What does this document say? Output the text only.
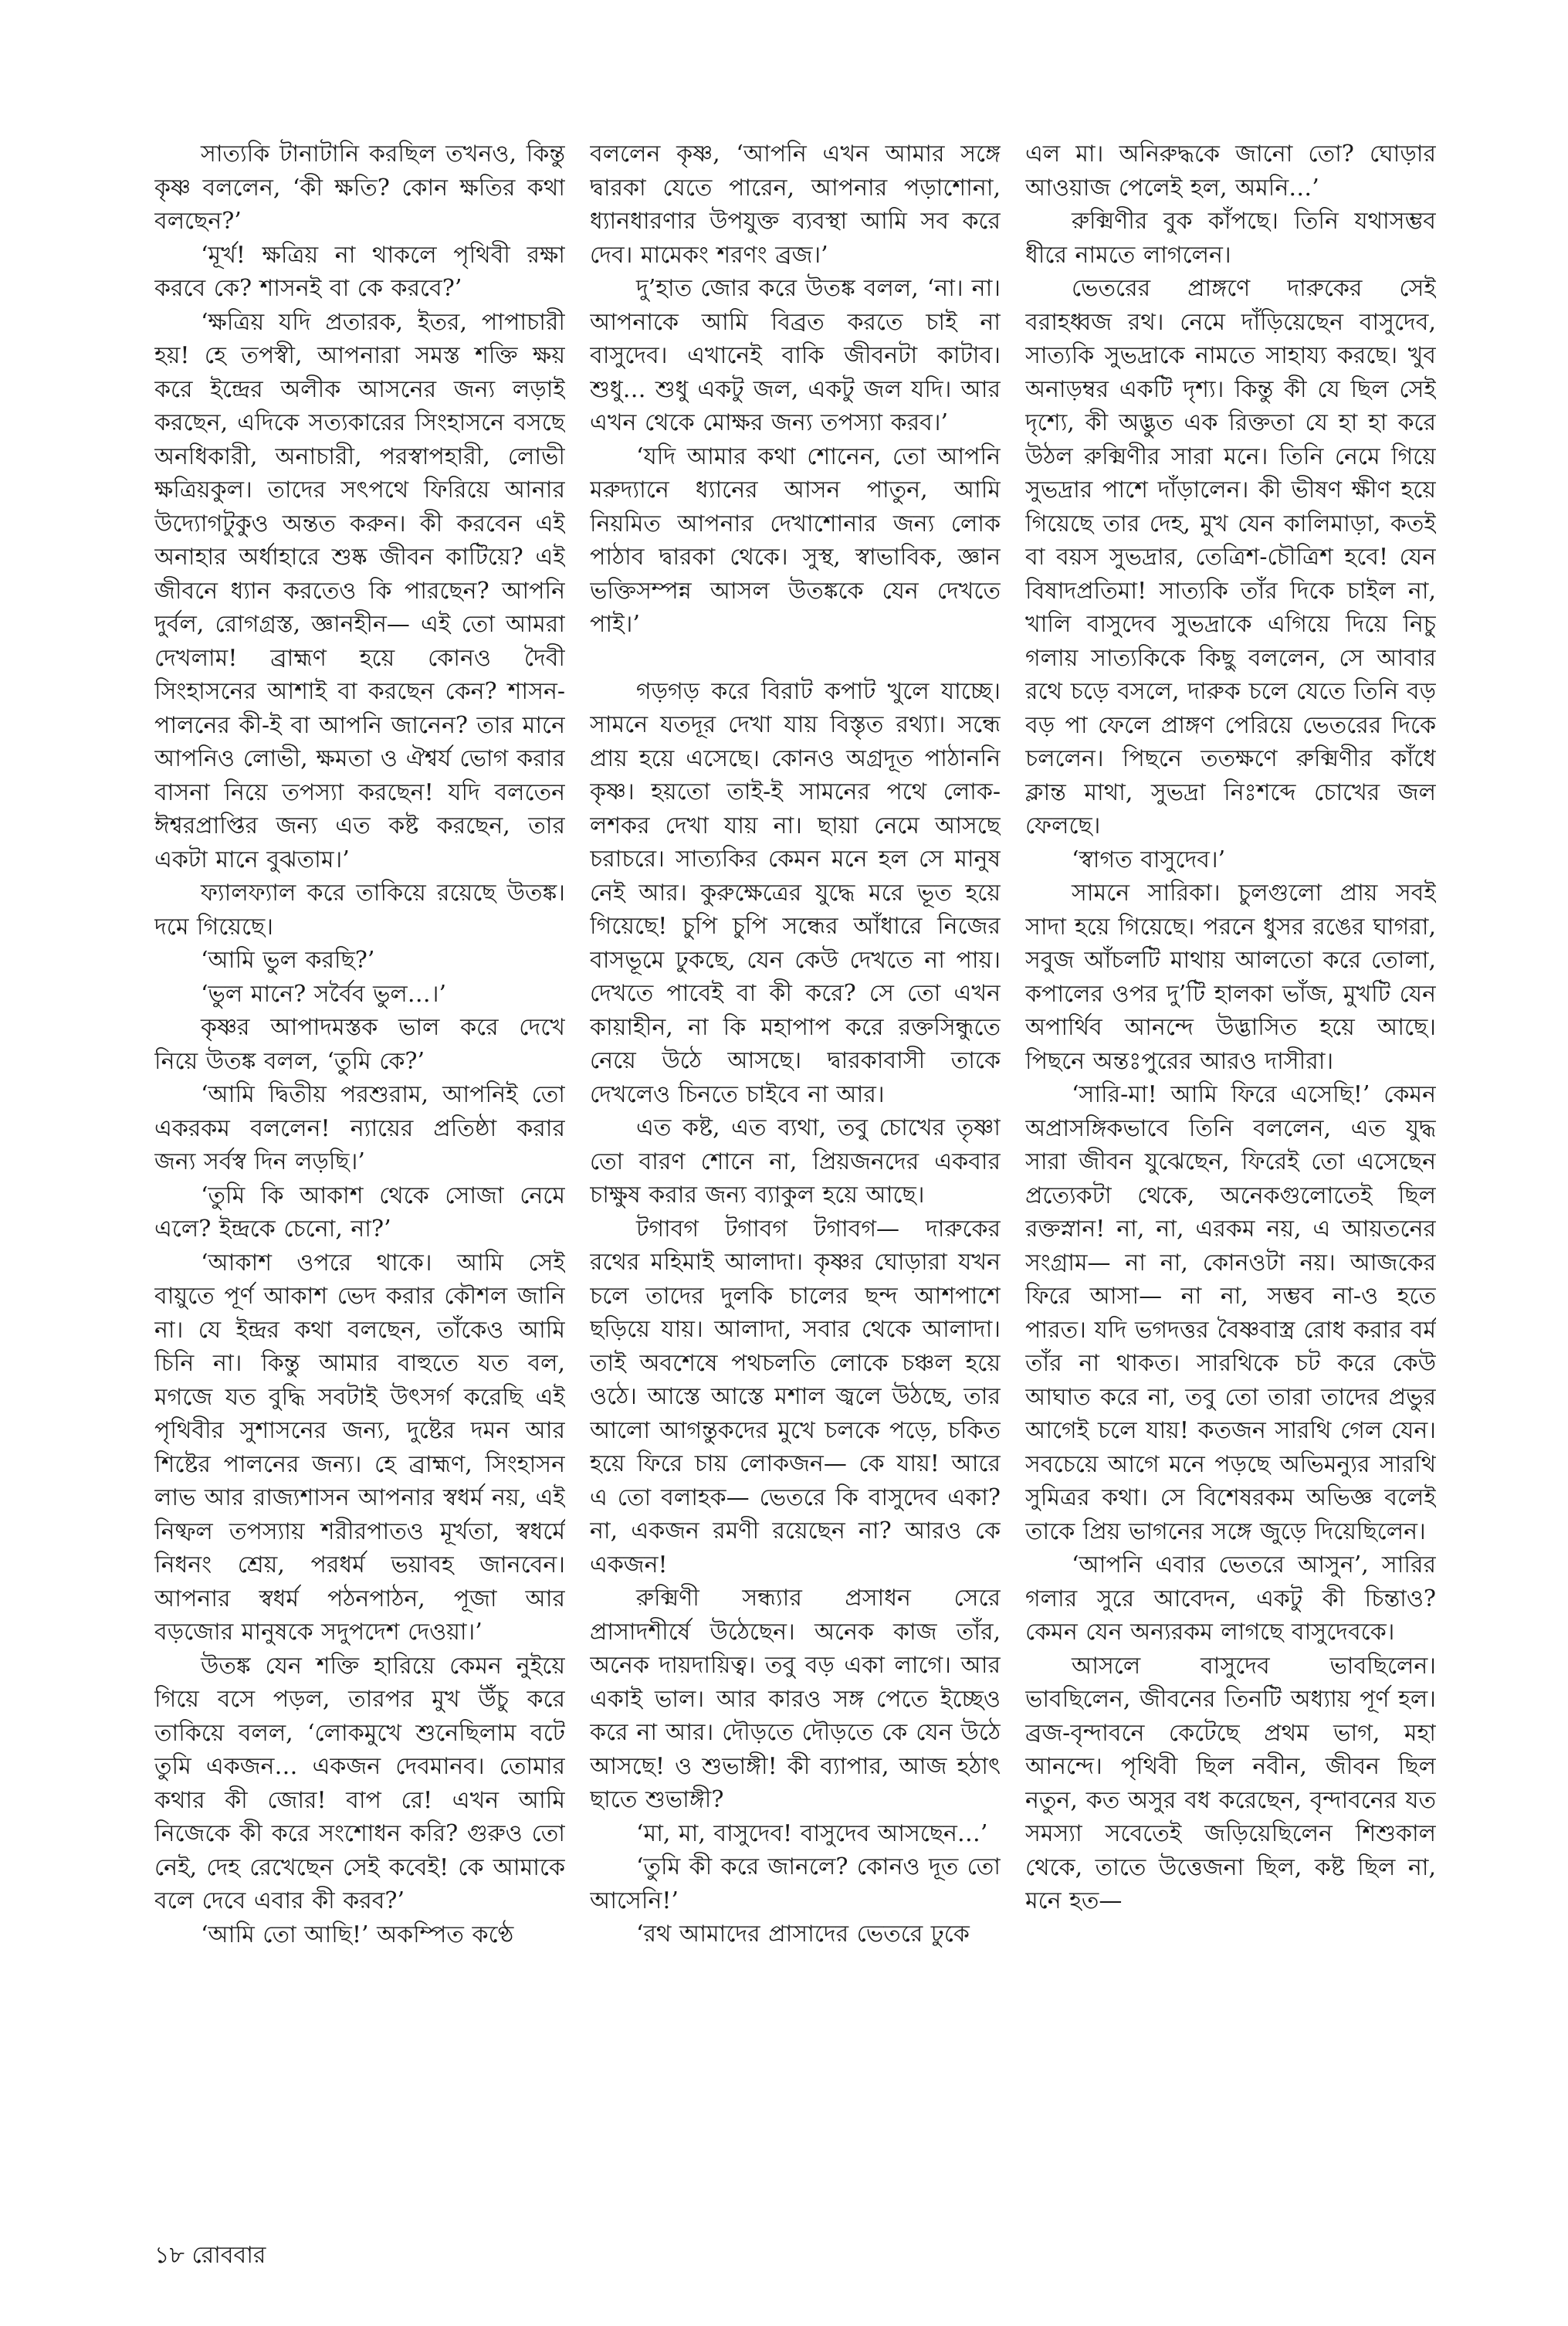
সাত্যকি টানাটানি করছিল তখনও, কিন্তু কৃষ্ণ বললেন, ‘কী ক্ষতি? কোন ক্ষতির কথা বলছেন?’

‘মূর্খ! ক্ষত্রিয় না থাকলে পৃথিবী রক্ষা করবে কে? শাসনই বা কে করবে?’

‘ক্ষত্রিয় যদি প্রতারক, ইতর, পাপাচারী হয়! হে তপস্বী, আপনারা সমস্ত শক্তি ক্ষয় করে ইন্দ্রের অলীক আসনের জন্য লড়াই করছেন, এদিকে সত্যকারের সিংহাসনে বসছে অনধিকারী, অনাচারী, পরস্বাপহারী, লোভী ক্ষত্রিয়কুল। তাদের সৎপথে ফিরিয়ে আনার উদ্যোগটুকুও অন্তত করুন। কী করবেন এই অনাহার অর্ধাহারে শুষ্ক জীবন কাটিয়ে? এই জীবনে ধ্যান করতেও কি পারছেন? আপনি দুর্বল, রোগগ্রস্ত, জ্ঞানহীন— এই তো আমরা দেখলাম! ব্রাহ্মণ হয়ে কোনও দৈবী সিংহাসনের আশাই বা করছেন কেন? শাসন-পালনের কী-ই বা আপনি জানেন? তার মানে আপনিও লোভী, ক্ষমতা ও ঐশ্বর্য ভোগ করার বাসনা নিয়ে তপস্যা করছেন! যদি বলতেন ঈশ্বরপ্রাপ্তির জন্য এত কষ্ট করছেন, তার একটা মানে বুঝতাম।’

ফ্যালফ্যাল করে তাকিয়ে রয়েছে উতঙ্ক। দমে গিয়েছে।

‘আমি ভুল করছি?’

‘ভুল মানে? সর্বৈব ভুল…।’

কৃষ্ণর আপাদমস্তক ভাল করে দেখে নিয়ে উতঙ্ক বলল, ‘তুমি কে?’

‘আমি দ্বিতীয় পরশুরাম, আপনিই তো একরকম বললেন! ন্যায়ের প্রতিষ্ঠা করার জন্য সর্বস্ব দিন লড়ছি।’

‘তুমি কি আকাশ থেকে সোজা নেমে এলে? ইন্দ্রকে চেনো, না?’

‘আকাশ ওপরে থাকে। আমি সেই বায়ুতে পূর্ণ আকাশ ভেদ করার কৌশল জানি না। যে ইন্দ্রর কথা বলছেন, তাঁকেও আমি চিনি না। কিন্তু আমার বাহুতে যত বল, মগজে যত বুদ্ধি সবটাই উৎসর্গ করেছি এই পৃথিবীর সুশাসনের জন্য, দুষ্টের দমন আর শিষ্টের পালনের জন্য। হে ব্রাহ্মণ, সিংহাসন লাভ আর রাজ্যশাসন আপনার স্বধর্ম নয়, এই নিষ্ফল তপস্যায় শরীরপাতও মূর্খতা, স্বধর্মে নিধনং শ্রেয়, পরধর্ম ভয়াবহ জানবেন। আপনার স্বধর্ম পঠনপাঠন, পূজা আর বড়জোর মানুষকে সদুপদেশ দেওয়া।’

উতঙ্ক যেন শক্তি হারিয়ে কেমন নুইয়ে গিয়ে বসে পড়ল, তারপর মুখ উঁচু করে তাকিয়ে বলল, ‘লোকমুখে শুনেছিলাম বটে তুমি একজন… একজন দেবমানব। তোমার কথার কী জোর! বাপ রে! এখন আমি নিজেকে কী করে সংশোধন করি? গুরুও তো নেই, দেহ রেখেছেন সেই কবেই! কে আমাকে বলে দেবে এবার কী করব?’

‘আমি তো আছি!’ অকম্পিত কণ্ঠে

বললেন কৃষ্ণ, ‘আপনি এখন আমার সঙ্গে দ্বারকা যেতে পারেন, আপনার পড়াশোনা, ধ্যানধারণার উপযুক্ত ব্যবস্থা আমি সব করে দেব। মামেকং শরণং ব্রজ।’

দু’হাত জোর করে উতঙ্ক বলল, ‘না। না। আপনাকে আমি বিব্রত করতে চাই না বাসুদেব। এখানেই বাকি জীবনটা কাটাব। শুধু… শুধু একটু জল, একটু জল যদি। আর এখন থেকে মোক্ষর জন্য তপস্যা করব।’

‘যদি আমার কথা শোনেন, তো আপনি মরুদ্যানে ধ্যানের আসন পাতুন, আমি নিয়মিত আপনার দেখাশোনার জন্য লোক পাঠাব দ্বারকা থেকে। সুস্থ, স্বাভাবিক, জ্ঞান ভক্তিসম্পন্ন আসল উতঙ্ককে যেন দেখতে পাই।’

গড়গড় করে বিরাট কপাট খুলে যাচ্ছে। সামনে যতদূর দেখা যায় বিস্তৃত রথ্যা। সন্ধে প্রায় হয়ে এসেছে। কোনও অগ্রদূত পাঠাননি কৃষ্ণ। হয়তো তাই-ই সামনের পথে লোক-লশকর দেখা যায় না। ছায়া নেমে আসছে চরাচরে। সাত্যকির কেমন মনে হল সে মানুষ নেই আর। কুরুক্ষেত্রের যুদ্ধে মরে ভূত হয়ে গিয়েছে! চুপি চুপি সন্ধের আঁধারে নিজের বাসভূমে ঢুকছে, যেন কেউ দেখতে না পায়। দেখতে পাবেই বা কী করে? সে তো এখন কায়াহীন, না কি মহাপাপ করে রক্তসিন্ধুতে নেয়ে উঠে আসছে। দ্বারকাবাসী তাকে দেখলেও চিনতে চাইবে না আর।

এত কষ্ট, এত ব্যথা, তবু চোখের তৃষ্ণা তো বারণ শোনে না, প্রিয়জনদের একবার চাক্ষুষ করার জন্য ব্যাকুল হয়ে আছে।

টগাবগ টগাবগ টগাবগ— দারুকের রথের মহিমাই আলাদা। কৃষ্ণর ঘোড়ারা যখন চলে তাদের দুলকি চালের ছন্দ আশপাশে ছড়িয়ে যায়। আলাদা, সবার থেকে আলাদা। তাই অবশেষে পথচলতি লোকে চঞ্চল হয়ে ওঠে। আস্তে আস্তে মশাল জ্বলে উঠছে, তার আলো আগন্তুকদের মুখে চলকে পড়ে, চকিত হয়ে ফিরে চায় লোকজন— কে যায়! আরে এ তো বলাহক— ভেতরে কি বাসুদেব একা? না, একজন রমণী রয়েছেন না? আরও কে একজন!

রুক্মিণী সন্ধ্যার প্রসাধন সেরে প্রাসাদশীর্ষে উঠেছেন। অনেক কাজ তাঁর, অনেক দায়দায়িত্ব। তবু বড় একা লাগে। আর একাই ভাল। আর কারও সঙ্গ পেতে ইচ্ছেও করে না আর। দৌড়তে দৌড়তে কে যেন উঠে আসছে! ও শুভাঙ্গী! কী ব্যাপার, আজ হঠাৎ ছাতে শুভাঙ্গী?

‘মা, মা, বাসুদেব! বাসুদেব আসছেন…’

‘তুমি কী করে জানলে? কোনও দূত তো আসেনি!’

‘রথ আমাদের প্রাসাদের ভেতরে ঢুকে

এল মা। অনিরুদ্ধকে জানো তো? ঘোড়ার আওয়াজ পেলেই হল, অমনি…’

রুক্মিণীর বুক কাঁপছে। তিনি যথাসম্ভব ধীরে নামতে লাগলেন।

ভেতরের প্রাঙ্গণে দারুকের সেই বরাহধ্বজ রথ। নেমে দাঁড়িয়েছেন বাসুদেব, সাত্যকি সুভদ্রাকে নামতে সাহায্য করছে। খুব অনাড়ম্বর একটি দৃশ্য। কিন্তু কী যে ছিল সেই দৃশ্যে, কী অদ্ভুত এক রিক্ততা যে হা হা করে উঠল রুক্মিণীর সারা মনে। তিনি নেমে গিয়ে সুভদ্রার পাশে দাঁড়ালেন। কী ভীষণ ক্ষীণ হয়ে গিয়েছে তার দেহ, মুখ যেন কালিমাড়া, কতই বা বয়স সুভদ্রার, তেত্রিশ-চৌত্রিশ হবে! যেন বিষাদপ্রতিমা! সাত্যকি তাঁর দিকে চাইল না, খালি বাসুদেব সুভদ্রাকে এগিয়ে দিয়ে নিচু গলায় সাত্যকিকে কিছু বললেন, সে আবার রথে চড়ে বসলে, দারুক চলে যেতে তিনি বড় বড় পা ফেলে প্রাঙ্গণ পেরিয়ে ভেতরের দিকে চললেন। পিছনে ততক্ষণে রুক্মিণীর কাঁধে ক্লান্ত মাথা, সুভদ্রা নিঃশব্দে চোখের জল ফেলছে।

‘স্বাগত বাসুদেব।’

সামনে সারিকা। চুলগুলো প্রায় সবই সাদা হয়ে গিয়েছে। পরনে ধুসর রঙের ঘাগরা, সবুজ আঁচলটি মাথায় আলতো করে তোলা, কপালের ওপর দু’টি হালকা ভাঁজ, মুখটি যেন অপার্থিব আনন্দে উদ্ভাসিত হয়ে আছে। পিছনে অন্তঃপুরের আরও দাসীরা।

‘সারি-মা! আমি ফিরে এসেছি!’ কেমন অপ্রাসঙ্গিকভাবে তিনি বললেন, এত যুদ্ধ সারা জীবন যুঝেছেন, ফিরেই তো এসেছেন প্রত্যেকটা থেকে, অনেকগুলোতেই ছিল রক্তস্নান! না, না, এরকম নয়, এ আয়তনের সংগ্রাম— না না, কোনওটা নয়। আজকের ফিরে আসা— না না, সম্ভব না-ও হতে পারত। যদি ভগদত্তর বৈষ্ণবাস্ত্র রোধ করার বর্ম তাঁর না থাকত। সারথিকে চট করে কেউ আঘাত করে না, তবু তো তারা তাদের প্রভুর আগেই চলে যায়! কতজন সারথি গেল যেন। সবচেয়ে আগে মনে পড়ছে অভিমন্যুর সারথি সুমিত্রর কথা। সে বিশেষরকম অভিজ্ঞ বলেই তাকে প্রিয় ভাগনের সঙ্গে জুড়ে দিয়েছিলেন।

‘আপনি এবার ভেতরে আসুন’, সারির গলার সুরে আবেদন, একটু কী চিন্তাও? কেমন যেন অন্যরকম লাগছে বাসুদেবকে।

আসলে বাসুদেব ভাবছিলেন। ভাবছিলেন, জীবনের তিনটি অধ্যায় পূর্ণ হল। ব্রজ-বৃন্দাবনে কেটেছে প্রথম ভাগ, মহা আনন্দে। পৃথিবী ছিল নবীন, জীবন ছিল নতুন, কত অসুর বধ করেছেন, বৃন্দাবনের যত সমস্যা সবেতেই জড়িয়েছিলেন শিশুকাল থেকে, তাতে উত্তেজনা ছিল, কষ্ট ছিল না, মনে হত—

১৮ রোববার
